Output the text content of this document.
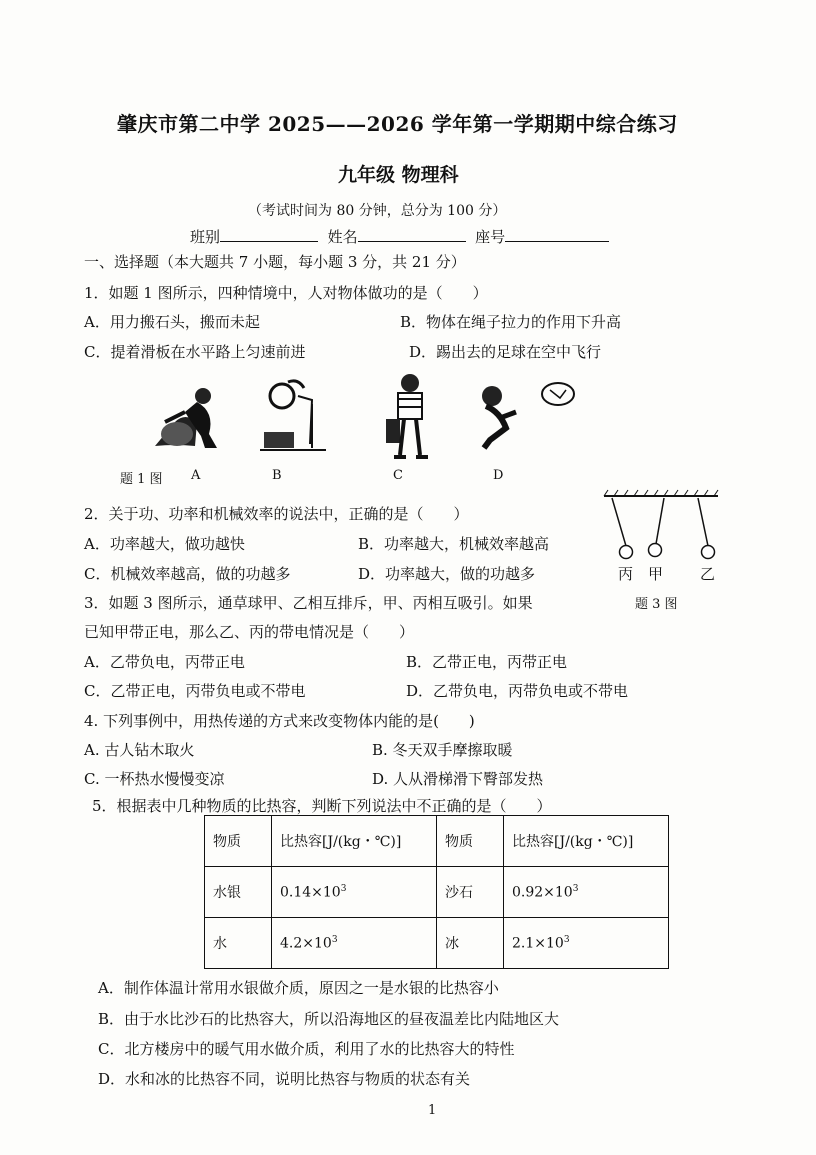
肇庆市第二中学 2025——2026 学年第一学期期中综合练习
九年级 物理科
（考试时间为 80 分钟，总分为 100 分）
班别	姓名	座号
一、选择题（本大题共 7 小题，每小题 3 分，共 21 分）
1．如题 1 图所示，四种情境中，人对物体做功的是（　　）
A．用力搬石头，搬而未起	B．物体在绳子拉力的作用下升高
C．提着滑板在水平路上匀速前进	D．踢出去的足球在空中飞行
题 1 图 A	B	C	D
2．关于功、功率和机械效率的说法中，正确的是（　　）
A．功率越大，做功越快	B．功率越大，机械效率越高
C．机械效率越高，做的功越多	D．功率越大，做的功越多	丙 甲 乙
题 3 图
3．如题 3 图所示，通草球甲、乙相互排斥，甲、丙相互吸引。如果
已知甲带正电，那么乙、丙的带电情况是（　　）
A．乙带负电，丙带正电	B．乙带正电，丙带正电
C．乙带正电，丙带负电或不带电	D．乙带负电，丙带负电或不带电
4. 下列事例中，用热传递的方式来改变物体内能的是(　　)
A. 古人钻木取火	B. 冬天双手摩擦取暖
C. 一杯热水慢慢变凉	D. 人从滑梯滑下臀部发热
5．根据表中几种物质的比热容，判断下列说法中不正确的是（　　）
物质	比热容[J/(kg・℃)]	物质	比热容[J/(kg・℃)]
水银	$0.14\times 10^3$	沙石	$0.92\times 10^3$
水	$4.2\times 10^3$	冰	$2.1\times 10^3$
A．制作体温计常用水银做介质，原因之一是水银的比热容小
B．由于水比沙石的比热容大，所以沿海地区的昼夜温差比内陆地区大
C．北方楼房中的暖气用水做介质，利用了水的比热容大的特性
D．水和冰的比热容不同，说明比热容与物质的状态有关
1
